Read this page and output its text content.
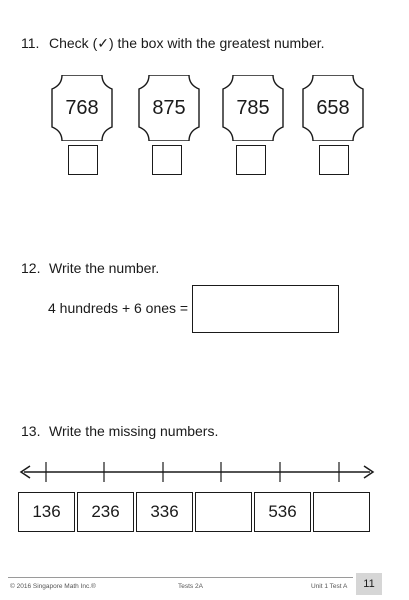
11. Check (✓) the box with the greatest number.
768	875	785	658
12. Write the number.
4 hundreds + 6 ones =
13. Write the missing numbers.
136	236	336	536
© 2016 Singapore Math Inc.®	Tests 2A	Unit 1 Test A	11
